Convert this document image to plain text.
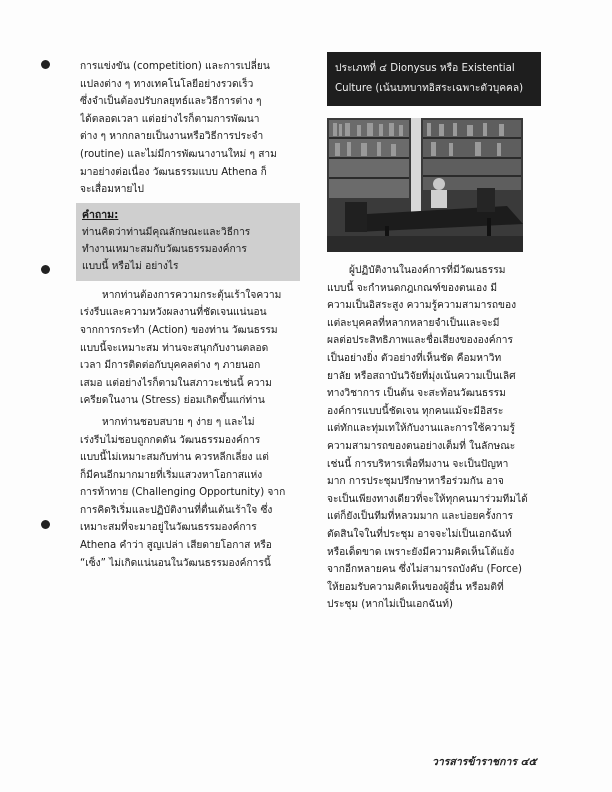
การแข่งขัน (competition) และการเปลี่ยน
แปลงต่าง ๆ ทางเทคโนโลยีอย่างรวดเร็ว
ซึ่งจำเป็นต้องปรับกลยุทธ์และวิธีการต่าง ๆ
ได้ตลอดเวลา แต่อย่างไรก็ตามการพัฒนา
ต่าง ๆ หากกลายเป็นงานหรือวิธีการประจำ
(routine) และไม่มีการพัฒนางานใหม่ ๆ สาม
มาอย่างต่อเนื่อง วัฒนธรรมแบบ Athena ก็
จะเสื่อมหายไป
คำถาม:
ท่านคิดว่าท่านมีคุณลักษณะและวิธีการ
ทำงานเหมาะสมกับวัฒนธรรมองค์การ
แบบนี้ หรือไม่ อย่างไร
หากท่านต้องการความกระตุ้นเร้าใจความ
เร่งรีบและความหวังผลงานที่ชัดเจนแน่นอน
จากการกระทำ (Action) ของท่าน วัฒนธรรม
แบบนี้จะเหมาะสม ท่านจะสนุกกับงานตลอด
เวลา มีการติดต่อกับบุคคลต่าง ๆ ภายนอก
เสมอ แต่อย่างไรก็ตามในสภาวะเช่นนี้ ความ
เครียดในงาน (Stress) ย่อมเกิดขึ้นแก่ท่าน
หากท่านชอบสบาย ๆ ง่าย ๆ และไม่
เร่งรีบไม่ชอบถูกกดดัน วัฒนธรรมองค์การ
แบบนี้ไม่เหมาะสมกับท่าน ควรหลีกเลี่ยง แต่
ก็มีคนอีกมากมายที่เริ่มแสวงหาโอกาสแห่ง
การท้าทาย (Challenging Opportunity) จาก
การคิดริเริ่มและปฏิบัติงานที่ตื่นเต้นเร้าใจ ซึ่ง
เหมาะสมที่จะมาอยู่ในวัฒนธรรมองค์การ
Athena คำว่า สูญเปล่า เสียดายโอกาส หรือ
“เซ็ง” ไม่เกิดแน่นอนในวัฒนธรรมองค์การนี้
ประเภทที่ ๔ Dionysus หรือ Existential
Culture (เน้นบทบาทอิสระเฉพาะตัวบุคคล)
ผู้ปฏิบัติงานในองค์การที่มีวัฒนธรรม
แบบนี้ จะกำหนดกฎเกณฑ์ของตนเอง มี
ความเป็นอิสระสูง ความรู้ความสามารถของ
แต่ละบุคคลที่หลากหลายจำเป็นและจะมี
ผลต่อประสิทธิภาพและชื่อเสียงขององค์การ
เป็นอย่างยิ่ง ตัวอย่างที่เห็นชัด คือมหาวิท
ยาลัย หรือสถาบันวิจัยที่มุ่งเน้นความเป็นเลิศ
ทางวิชาการ เป็นต้น จะสะท้อนวัฒนธรรม
องค์การแบบนี้ชัดเจน ทุกคนแม้จะมีอิสระ
แต่ทักและทุ่มเทให้กับงานและการใช้ความรู้
ความสามารถของตนอย่างเต็มที่ ในลักษณะ
เช่นนี้ การบริหารเพื่อทีมงาน จะเป็นปัญหา
มาก การประชุมปรึกษาหารือร่วมกัน อาจ
จะเป็นเพียงทางเดียวที่จะให้ทุกคนมาร่วมทีมได้
แต่ก็ยังเป็นทีมที่หลวมมาก และบ่อยครั้งการ
ตัดสินใจในที่ประชุม อาจจะไม่เป็นเอกฉันท์
หรือเด็ดขาด เพราะยังมีความคิดเห็นโต้แย้ง
จากอีกหลายคน ซึ่งไม่สามารถบังคับ (Force)
ให้ยอมรับความคิดเห็นของผู้อื่น หรือมติที่
ประชุม (หากไม่เป็นเอกฉันท์)
วารสารข้าราชการ ๔๕
